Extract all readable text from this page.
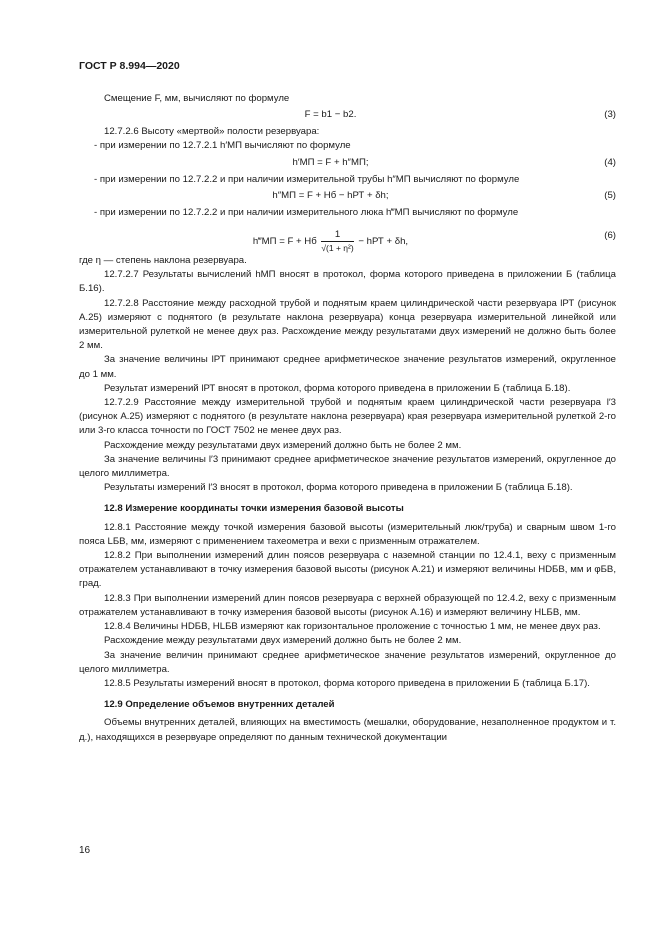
ГОСТ Р 8.994—2020

Смещение F, мм, вычисляют по формуле

F = b1 − b2.	(3)

12.7.2.6 Высоту «мертвой» полости резервуара:

- при измерении по 12.7.2.1 h′МП вычисляют по формуле

h′МП = F + h″МП;	(4)

- при измерении по 12.7.2.2 и при наличии измерительной трубы h″МП вычисляют по формуле

h″МП = F + Hб − hРТ + δh;	(5)

- при измерении по 12.7.2.2 и при наличии измерительного люка h‴МП вычисляют по формуле

h‴МП = F + Hб $\frac{1}{\text{√(1 + η²)}}$ − hРТ + δh,
(6)

где η — степень наклона резервуара.

12.7.2.7 Результаты вычислений hМП вносят в протокол, форма которого приведена в приложении Б (таблица Б.16).

12.7.2.8 Расстояние между расходной трубой и поднятым краем цилиндрической части резервуара lРТ (рисунок А.25) измеряют с поднятого (в результате наклона резервуара) конца резервуара измерительной линейкой или измерительной рулеткой не менее двух раз. Расхождение между результатами двух измерений не должно быть более 2 мм.

За значение величины lРТ принимают среднее арифметическое значение результатов измерений, округленное до 1 мм.

Результат измерений lРТ вносят в протокол, форма которого приведена в приложении Б (таблица Б.18).

12.7.2.9 Расстояние между измерительной трубой и поднятым краем цилиндрической части резервуара l′3 (рисунок А.25) измеряют с поднятого (в результате наклона резервуара) края резервуара измерительной рулеткой 2-го или 3-го класса точности по ГОСТ 7502 не менее двух раз.

Расхождение между результатами двух измерений должно быть не более 2 мм.

За значение величины l′3 принимают среднее арифметическое значение результатов измерений, округленное до целого миллиметра.

Результаты измерений l′3 вносят в протокол, форма которого приведена в приложении Б (таблица Б.18).

12.8 Измерение координаты точки измерения базовой высоты

12.8.1 Расстояние между точкой измерения базовой высоты (измерительный люк/труба) и сварным швом 1-го пояса LБВ, мм, измеряют с применением тахеометра и вехи с призменным отражателем.

12.8.2 При выполнении измерений длин поясов резервуара с наземной станции по 12.4.1, веху с призменным отражателем устанавливают в точку измерения базовой высоты (рисунок А.21) и измеряют величины HDБВ, мм и φБВ, град.

12.8.3 При выполнении измерений длин поясов резервуара с верхней образующей по 12.4.2, веху с призменным отражателем устанавливают в точку измерения базовой высоты (рисунок А.16) и измеряют величину HLБВ, мм.

12.8.4 Величины HDБВ, HLБВ измеряют как горизонтальное проложение с точностью 1 мм, не менее двух раз.

Расхождение между результатами двух измерений должно быть не более 2 мм.

За значение величин принимают среднее арифметическое значение результатов измерений, округленное до целого миллиметра.

12.8.5 Результаты измерений вносят в протокол, форма которого приведена в приложении Б (таблица Б.17).

12.9 Определение объемов внутренних деталей

Объемы внутренних деталей, влияющих на вместимость (мешалки, оборудование, незаполненное продуктом и т. д.), находящихся в резервуаре определяют по данным технической документации

16
